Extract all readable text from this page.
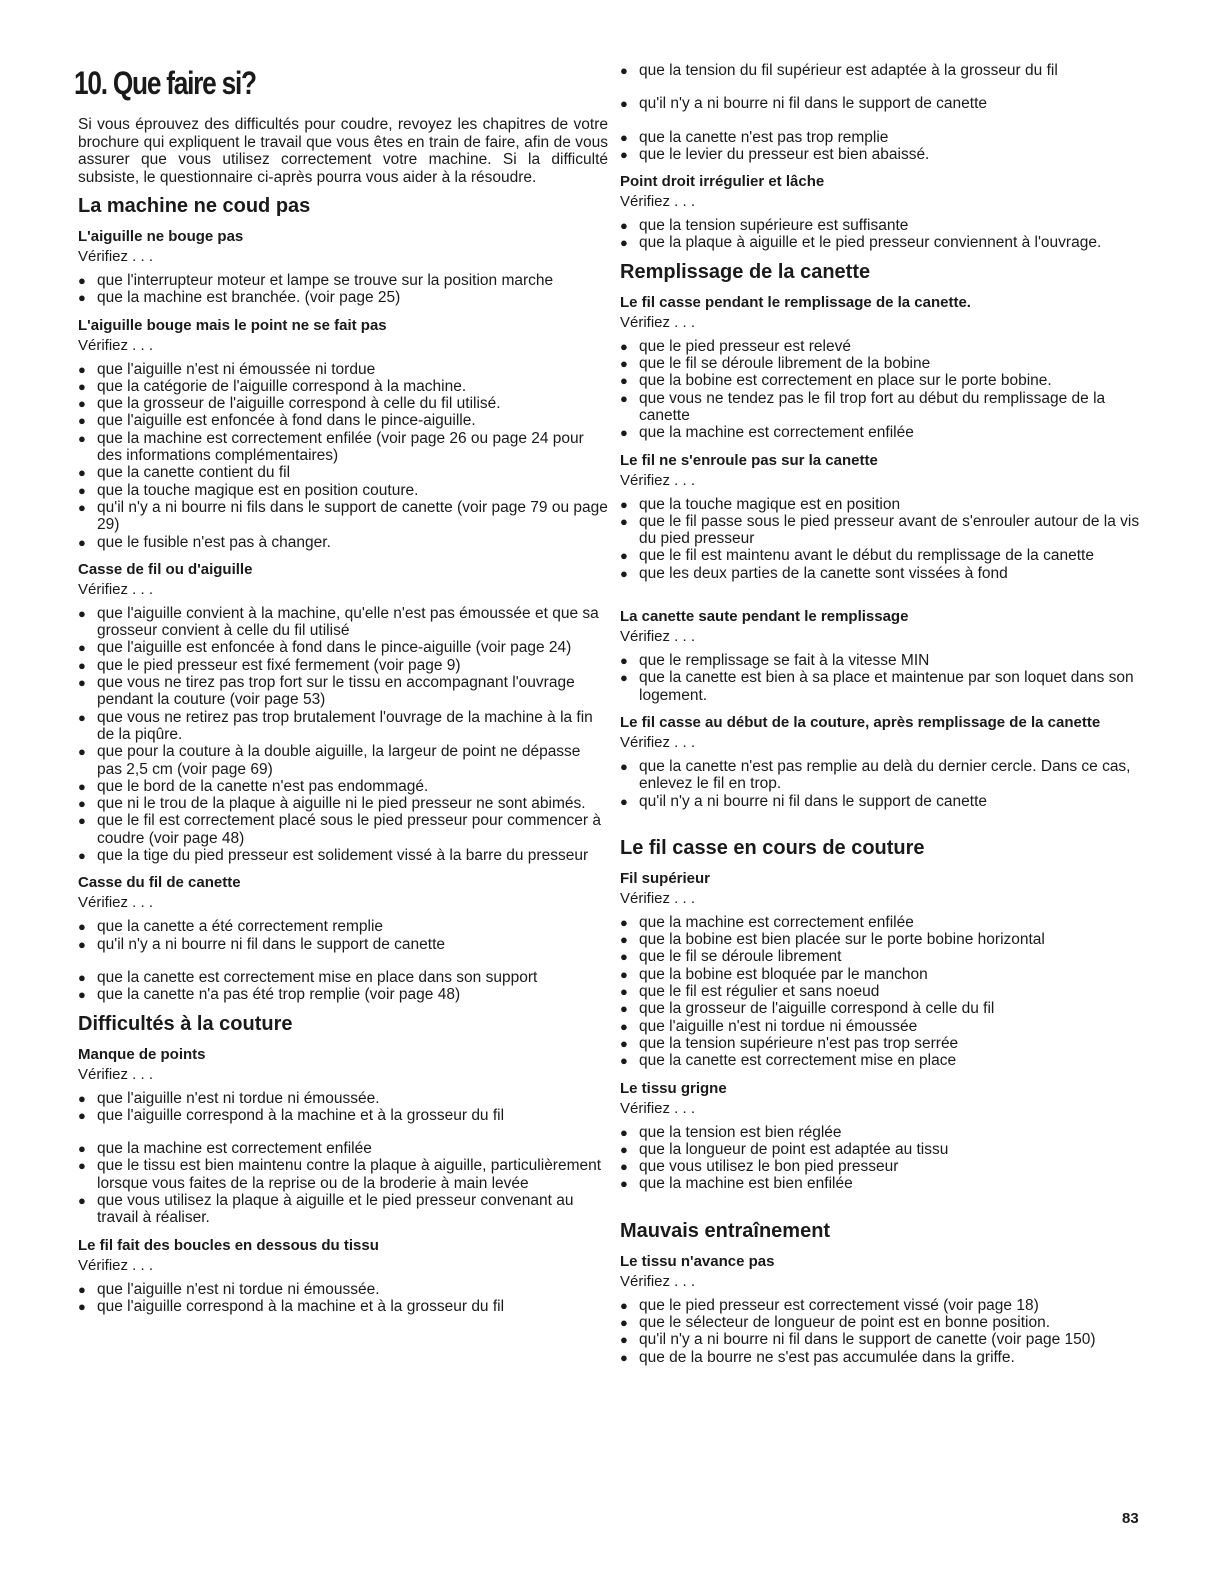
10. Que faire si?

Si vous éprouvez des difficultés pour coudre, revoyez les chapitres de votre brochure qui expliquent le travail que vous êtes en train de faire, afin de vous assurer que vous utilisez correctement votre machine. Si la difficulté subsiste, le questionnaire ci-après pourra vous aider à la résoudre.

La machine ne coud pas
L'aiguille ne bouge pas
Vérifiez . . .
● que l'interrupteur moteur et lampe se trouve sur la position marche
● que la machine est branchée. (voir page 25)
L'aiguille bouge mais le point ne se fait pas
Vérifiez . . .
● que l'aiguille n'est ni émoussée ni tordue
● que la catégorie de l'aiguille correspond à la machine.
● que la grosseur de l'aiguille correspond à celle du fil utilisé.
● que l'aiguille est enfoncée à fond dans le pince-aiguille.
● que la machine est correctement enfilée (voir page 26 ou page 24 pour des informations complémentaires)
● que la canette contient du fil
● que la touche magique est en position couture.
● qu'il n'y a ni bourre ni fils dans le support de canette (voir page 79 ou page 29)
● que le fusible n'est pas à changer.
Casse de fil ou d'aiguille
Vérifiez . . .
● que l'aiguille convient à la machine, qu'elle n'est pas émoussée et que sa grosseur convient à celle du fil utilisé
● que l'aiguille est enfoncée à fond dans le pince-aiguille (voir page 24)
● que le pied presseur est fixé fermement (voir page 9)
● que vous ne tirez pas trop fort sur le tissu en accompagnant l'ouvrage pendant la couture (voir page 53)
● que vous ne retirez pas trop brutalement l'ouvrage de la machine à la fin de la piqûre.
● que pour la couture à la double aiguille, la largeur de point ne dépasse pas 2,5 cm (voir page 69)
● que le bord de la canette n'est pas endommagé.
● que ni le trou de la plaque à aiguille ni le pied presseur ne sont abimés.
● que le fil est correctement placé sous le pied presseur pour commencer à coudre (voir page 48)
● que la tige du pied presseur est solidement vissé à la barre du presseur
Casse du fil de canette
Vérifiez . . .
● que la canette a été correctement remplie
● qu'il n'y a ni bourre ni fil dans le support de canette
● que la canette est correctement mise en place dans son support
● que la canette n'a pas été trop remplie (voir page 48)
Difficultés à la couture
Manque de points
Vérifiez . . .
● que l'aiguille n'est ni tordue ni émoussée.
● que l'aiguille correspond à la machine et à la grosseur du fil
● que la machine est correctement enfilée
● que le tissu est bien maintenu contre la plaque à aiguille, particulièrement lorsque vous faites de la reprise ou de la broderie à main levée
● que vous utilisez la plaque à aiguille et le pied presseur convenant au travail à réaliser.
Le fil fait des boucles en dessous du tissu
Vérifiez . . .
● que l'aiguille n'est ni tordue ni émoussée.
● que l'aiguille correspond à la machine et à la grosseur du fil
● que la tension du fil supérieur est adaptée à la grosseur du fil
● qu'il n'y a ni bourre ni fil dans le support de canette
● que la canette n'est pas trop remplie
● que le levier du presseur est bien abaissé.
Point droit irrégulier et lâche
Vérifiez . . .
● que la tension supérieure est suffisante
● que la plaque à aiguille et le pied presseur conviennent à l'ouvrage.
Remplissage de la canette
Le fil casse pendant le remplissage de la canette.
Vérifiez . . .
● que le pied presseur est relevé
● que le fil se déroule librement de la bobine
● que la bobine est correctement en place sur le porte bobine.
● que vous ne tendez pas le fil trop fort au début du remplissage de la canette
● que la machine est correctement enfilée
Le fil ne s'enroule pas sur la canette
Vérifiez . . .
● que la touche magique est en position
● que le fil passe sous le pied presseur avant de s'enrouler autour de la vis du pied presseur
● que le fil est maintenu avant le début du remplissage de la canette
● que les deux parties de la canette sont vissées à fond
La canette saute pendant le remplissage
Vérifiez . . .
● que le remplissage se fait à la vitesse MIN
● que la canette est bien à sa place et maintenue par son loquet dans son logement.
Le fil casse au début de la couture, après remplissage de la canette
Vérifiez . . .
● que la canette n'est pas remplie au delà du dernier cercle. Dans ce cas, enlevez le fil en trop.
● qu'il n'y a ni bourre ni fil dans le support de canette
Le fil casse en cours de couture
Fil supérieur
Vérifiez . . .
● que la machine est correctement enfilée
● que la bobine est bien placée sur le porte bobine horizontal
● que le fil se déroule librement
● que la bobine est bloquée par le manchon
● que le fil est régulier et sans noeud
● que la grosseur de l'aiguille correspond à celle du fil
● que l'aiguille n'est ni tordue ni émoussée
● que la tension supérieure n'est pas trop serrée
● que la canette est correctement mise en place
Le tissu grigne
Vérifiez . . .
● que la tension est bien réglée
● que la longueur de point est adaptée au tissu
● que vous utilisez le bon pied presseur
● que la machine est bien enfilée
Mauvais entraînement
Le tissu n'avance pas
Vérifiez . . .
● que le pied presseur est correctement vissé (voir page 18)
● que le sélecteur de longueur de point est en bonne position.
● qu'il n'y a ni bourre ni fil dans le support de canette (voir page 150)
● que de la bourre ne s'est pas accumulée dans la griffe.
83
